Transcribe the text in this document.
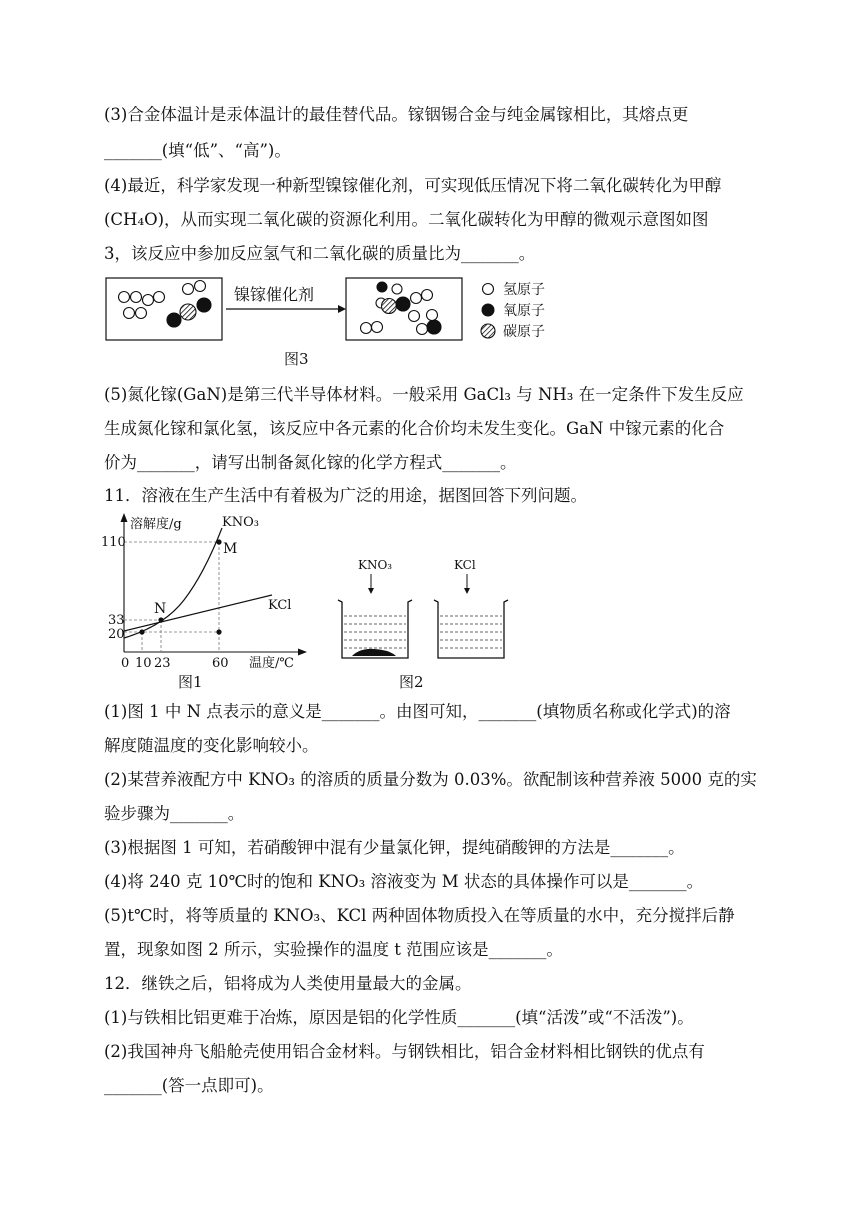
(3)合金体温计是汞体温计的最佳替代品。镓铟锡合金与纯金属镓相比，其熔点更
_______(填“低”、“高”)。
(4)最近，科学家发现一种新型镍镓催化剂，可实现低压情况下将二氧化碳转化为甲醇
(CH₄O)，从而实现二氧化碳的资源化利用。二氧化碳转化为甲醇的微观示意图如图
3，该反应中参加反应氢气和二氧化碳的质量比为_______。
(5)氮化镓(GaN)是第三代半导体材料。一般采用 GaCl₃ 与 NH₃ 在一定条件下发生反应
生成氮化镓和氯化氢，该反应中各元素的化合价均未发生变化。GaN 中镓元素的化合
价为_______，请写出制备氮化镓的化学方程式_______。
11．溶液在生产生活中有着极为广泛的用途，据图回答下列问题。
(1)图 1 中 N 点表示的意义是_______。由图可知，_______(填物质名称或化学式)的溶
解度随温度的变化影响较小。
(2)某营养液配方中 KNO₃ 的溶质的质量分数为 0.03%。欲配制该种营养液 5000 克的实
验步骤为_______。
(3)根据图 1 可知，若硝酸钾中混有少量氯化钾，提纯硝酸钾的方法是_______。
(4)将 240 克 10℃时的饱和 KNO₃ 溶液变为 M 状态的具体操作可以是_______。
(5)t℃时，将等质量的 KNO₃、KCl 两种固体物质投入在等质量的水中，充分搅拌后静
置，现象如图 2 所示，实验操作的温度 t 范围应该是_______。
12．继铁之后，铝将成为人类使用量最大的金属。
(1)与铁相比铝更难于冶炼，原因是铝的化学性质_______(填“活泼”或“不活泼”)。
(2)我国神舟飞船舱壳使用铝合金材料。与钢铁相比，铝合金材料相比钢铁的优点有
_______(答一点即可)。
镍镓催化剂	氢原子
氧原子
碳原子
图3
溶解度/g
温度/℃
KNO₃
KCl
M
N
110
33
20
0 10 23	60
图1
KNO₃	KCl
图2
